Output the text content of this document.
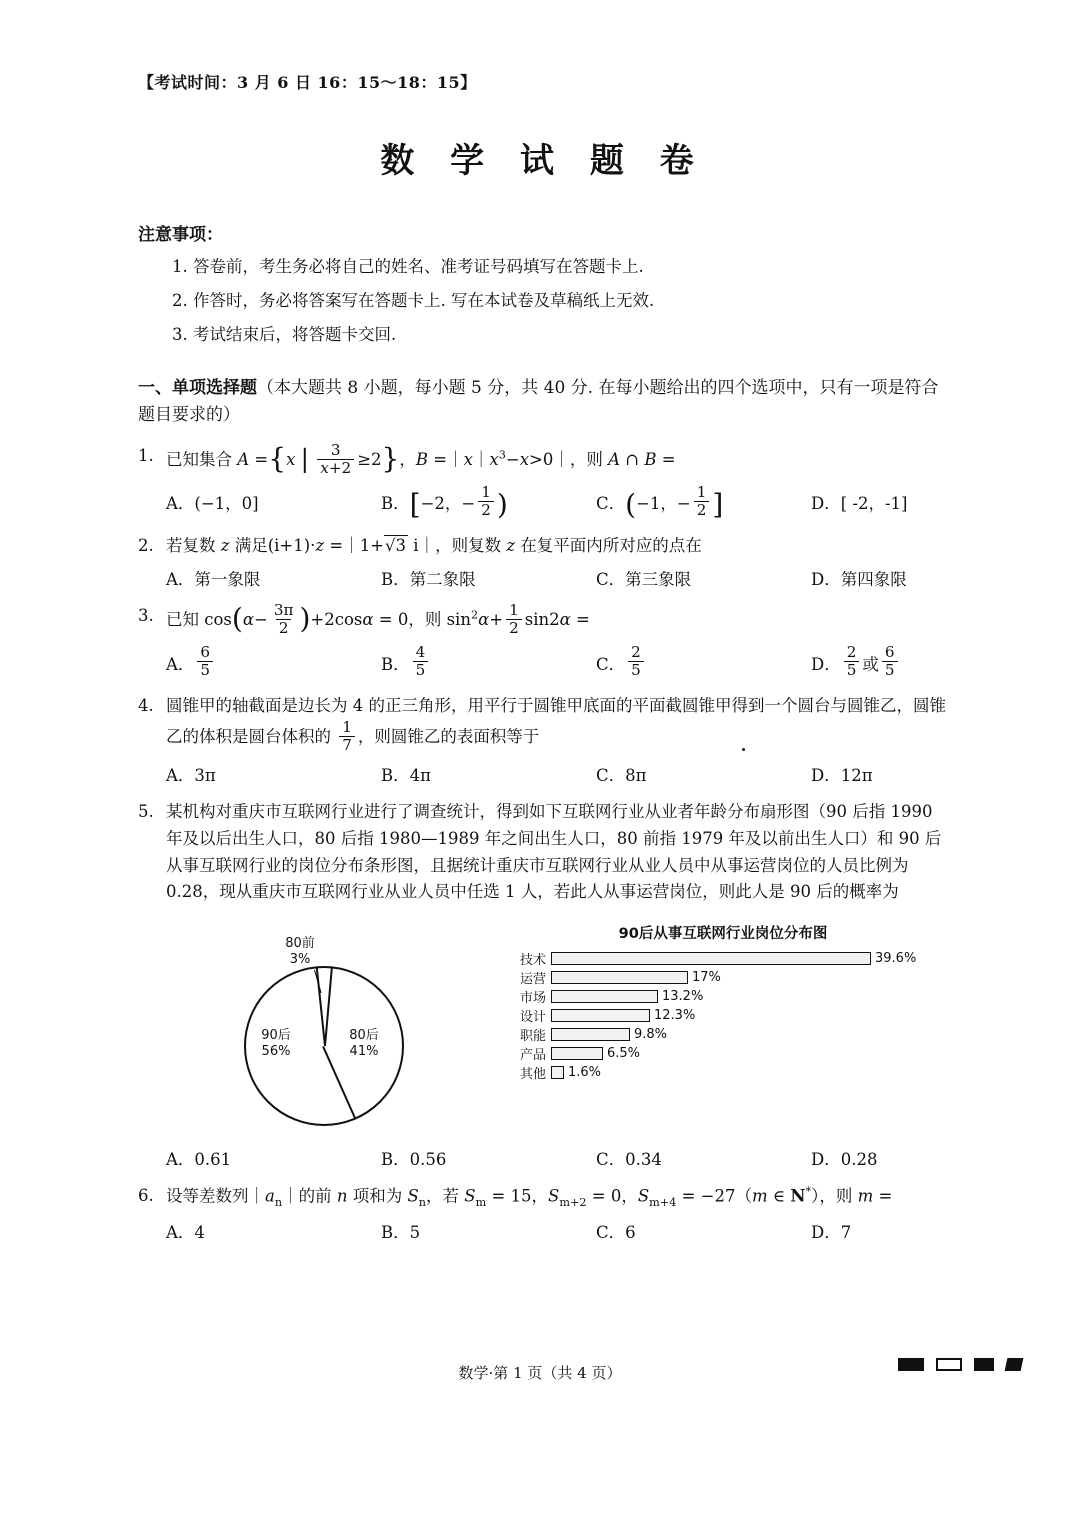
【考试时间：3 月 6 日 16：15～18：15】
数 学 试 题 卷
注意事项：
1. 答卷前，考生务必将自己的姓名、准考证号码填写在答题卡上.
2. 作答时，务必将答案写在答题卡上. 写在本试卷及草稿纸上无效.
3. 考试结束后，将答题卡交回.
一、单项选择题（本大题共 8 小题，每小题 5 分，共 40 分. 在每小题给出的四个选项中，只有一项是符合题目要求的）
1. 已知集合 A ={x | $\frac{3}{x+2} \ge 2$}，$B =|x|x^3-x>0|$，则 A ∩ B =
A．(−1，0]	B． [ −2，− $\frac{1}{2}$ )	C． ( −1，− $\frac{1}{2}$ ]	D．[ -2，-1]
2. 若复数 z 满足(i+1)·z =｜1+√3 i｜，则复数 z 在复平面内所对应的点在
A．第一象限	B．第二象限	C．第三象限	D．第四象限
3. 已知 $\cos(\alpha- \frac{3\pi}{2} )+2\cos\alpha = 0$，则 $\sin^2\alpha+ \frac{1}{2} \sin 2\alpha$ =
A． $\frac{6}{5}$	B． $\frac{4}{5}$	C． $\frac{2}{5}$	D． $\frac{2}{5}$ 或 $\frac{6}{5}$
4. 圆锥甲的轴截面是边长为 4 的正三角形，用平行于圆锥甲底面的平面截圆锥甲得到一个圆台与圆锥乙，圆锥乙的体积是圆台体积的 $\frac{1}{7}$ ，则圆锥乙的表面积等于
A．3π	B．4π	C．8π	D．12π
5. 某机构对重庆市互联网行业进行了调查统计，得到如下互联网行业从业者年龄分布扇形图（90 后指 1990 年及以后出生人口，80 后指 1980—1989 年之间出生人口，80 前指 1979 年及以前出生人口）和 90 后从事互联网行业的岗位分布条形图，且据统计重庆市互联网行业从业人员中从事运营岗位的人员比例为 0.28，现从重庆市互联网行业从业人员中任选 1 人，若此人从事运营岗位，则此人是 90 后的概率为
90后
56%
80后
41%
80前
3%
90后从事互联网行业岗位分布图
技术	39.6%
运营	17%
市场	13.2%
设计	12.3%
职能	9.8%
产品	6.5%
其他	1.6%
A．0.61	B．0.56	C．0.34	D．0.28
6. 设等差数列$|a_n|$的前 n 项和为 $S_n$，若 $S_m = 15$，$S_{m+2} = 0$，$S_{m+4} = -27(m$ ∈ N*），则 m =
A．4	B．5	C．6	D．7
数学·第 1 页（共 4 页）
